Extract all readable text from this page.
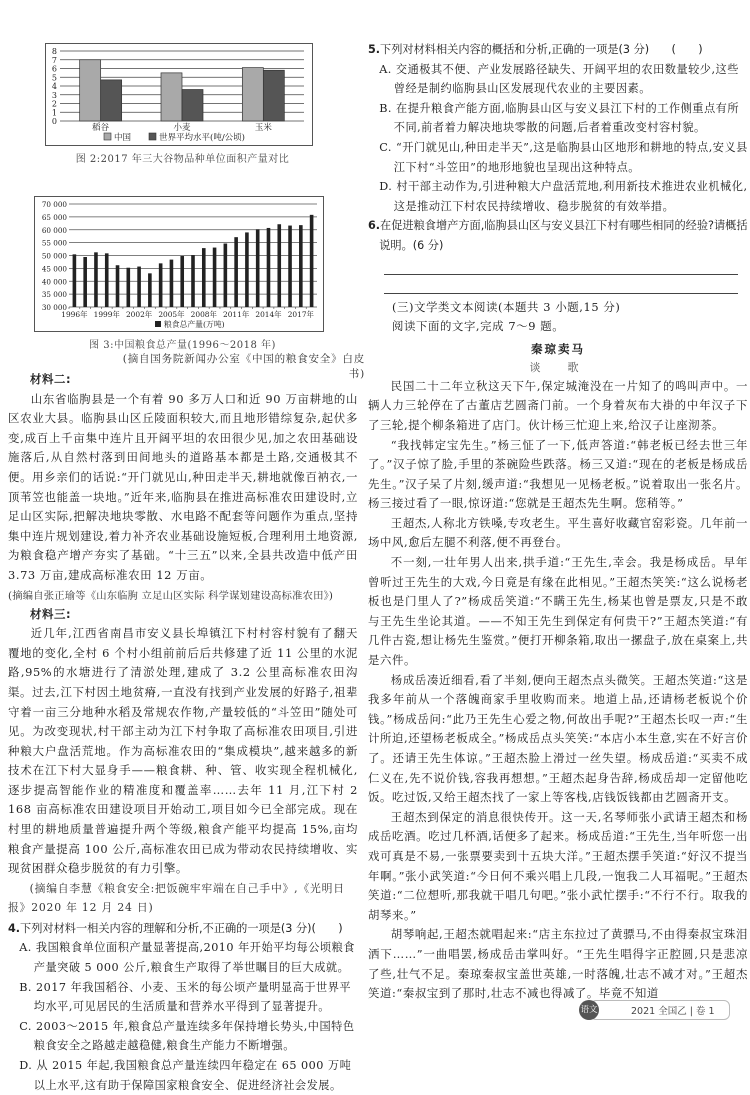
0
1
2
3
4
5
6
7
8
稻谷	小麦	玉米
中国	世界平均水平(吨/公顷)
图 2:2017 年三大谷物品种单位面积产量对比
30 000
35 000
40 000
45 000
50 000
55 000
60 000
65 000
70 000
1996年 1999年 2002年 2005年 2008年 2011年 2014年 2017年
粮食总产量(万吨)
图 3:中国粮食总产量(1996～2018 年)
(摘自国务院新闻办公室《中国的粮食安全》白皮书)

材料二:

山东省临朐县是一个有着 90 多万人口和近 90 万亩耕地的山区农业大县。临朐县山区丘陵面积较大,而且地形错综复杂,起伏多变,成百上千亩集中连片且开阔平坦的农田很少见,加之农田基础设施落后,从自然村落到田间地头的道路基本都是土路,交通极其不便。用乡亲们的话说:“开门就见山,种田走半天,耕地就像百衲衣,一顶苇笠也能盖一块地。”近年来,临朐县在推进高标准农田建设时,立足山区实际,把解决地块零散、水电路不配套等问题作为重点,坚持集中连片规划建设,着力补齐农业基础设施短板,合理利用土地资源,为粮食稳产增产夯实了基础。“十三五”以来,全县共改造中低产田 3.73 万亩,建成高标准农田 12 万亩。

(摘编自张正瑜等《山东临朐 立足山区实际 科学谋划建设高标准农田》)

材料三:

近几年,江西省南昌市安义县长埠镇江下村村容村貌有了翻天覆地的变化,全村 6 个村小组前前后后共修建了近 11 公里的水泥路,95%的水塘进行了清淤处理,建成了 3.2 公里高标准农田沟渠。过去,江下村因土地贫瘠,一直没有找到产业发展的好路子,祖辈守着一亩三分地种水稻及常规农作物,产量较低的“斗笠田”随处可见。为改变现状,村干部主动为江下村争取了高标准农田项目,引进种粮大户盘活荒地。作为高标准农田的“集成模块”,越来越多的新技术在江下村大显身手——粮食耕、种、管、收实现全程机械化,逐步提高智能作业的精准度和覆盖率……去年 11 月,江下村 2 168 亩高标准农田建设项目开始动工,项目如今已全部完成。现在村里的耕地质量普遍提升两个等级,粮食产能平均提高 15%,亩均粮食产量提高 100 公斤,高标准农田已成为带动农民持续增收、实现贫困群众稳步脱贫的有力引擎。

(摘编自李慧《粮食安全:把饭碗牢牢端在自己手中》,《光明日报》2020 年 12 月 24 日)

4.下列对材料一相关内容的理解和分析,不正确的一项是(3 分)(　　)

A. 我国粮食单位面积产量显著提高,2010 年开始平均每公顷粮食产量突破 5 000 公斤,粮食生产取得了举世瞩目的巨大成就。

B. 2017 年我国稻谷、小麦、玉米的每公顷产量明显高于世界平均水平,可见居民的生活质量和营养水平得到了显著提升。

C. 2003～2015 年,粮食总产量连续多年保持增长势头,中国特色粮食安全之路越走越稳健,粮食生产能力不断增强。

D. 从 2015 年起,我国粮食总产量连续四年稳定在 65 000 万吨以上水平,这有助于保障国家粮食安全、促进经济社会发展。

5.下列对材料相关内容的概括和分析,正确的一项是(3 分)　　(　　)

A. 交通极其不便、产业发展路径缺失、开阔平坦的农田数量较少,这些曾经是制约临朐县山区发展现代农业的主要因素。

B. 在提升粮食产能方面,临朐县山区与安义县江下村的工作侧重点有所不同,前者着力解决地块零散的问题,后者着重改变村容村貌。

C. “开门就见山,种田走半天”,这是临朐县山区地形和耕地的特点,安义县江下村“斗笠田”的地形地貌也呈现出这种特点。

D. 村干部主动作为,引进种粮大户盘活荒地,利用新技术推进农业机械化,这是推动江下村农民持续增收、稳步脱贫的有效举措。

6.在促进粮食增产方面,临朐县山区与安义县江下村有哪些相同的经验?请概括说明。(6 分)

(三)文学类文本阅读(本题共 3 小题,15 分)

阅读下面的文字,完成 7～9 题。

秦琼卖马

谈　歌

民国二十二年立秋这天下午,保定城淹没在一片知了的鸣叫声中。一辆人力三轮停在了古董店艺圆斋门前。一个身着灰布大褂的中年汉子下了三轮,提个柳条箱进了店门。伙计杨三忙迎上来,给汉子让座沏茶。

“我找韩定宝先生。”杨三怔了一下,低声答道:“韩老板已经去世三年了。”汉子惊了脸,手里的茶碗险些跌落。杨三又道:“现在的老板是杨成岳先生。”汉子呆了片刻,缓声道:“我想见一见杨老板。”说着取出一张名片。杨三接过看了一眼,惊讶道:“您就是王超杰先生啊。您稍等。”

王超杰,人称北方铁嗓,专攻老生。平生喜好收藏官窑彩瓷。几年前一场中风,愈后左腿不利落,便不再登台。

不一刻,一壮年男人出来,拱手道:“王先生,幸会。我是杨成岳。早年曾听过王先生的大戏,今日竟是有缘在此相见。”王超杰笑笑:“这么说杨老板也是门里人了?”杨成岳笑道:“不瞒王先生,杨某也曾是票友,只是不敢与王先生坐论其道。——不知王先生到保定有何贵干?”王超杰笑道:“有几件古瓷,想让杨先生鉴赏。”便打开柳条箱,取出一摞盘子,放在桌案上,共是六件。

杨成岳凑近细看,看了半刻,便向王超杰点头微笑。王超杰笑道:“这是我多年前从一个落魄商家手里收购而来。地道上品,还请杨老板说个价钱。”杨成岳问:“此乃王先生心爱之物,何故出手呢?”王超杰长叹一声:“生计所迫,还望杨老板成全。”杨成岳点头笑笑:“本店小本生意,实在不好言价了。还请王先生体谅。”王超杰脸上滑过一丝失望。杨成岳道:“买卖不成仁义在,先不说价钱,容我再想想。”王超杰起身告辞,杨成岳却一定留他吃饭。吃过饭,又给王超杰找了一家上等客栈,店钱饭钱都由艺圆斋开支。

王超杰到保定的消息很快传开。这一天,名琴师张小武请王超杰和杨成岳吃酒。吃过几杯酒,话便多了起来。杨成岳道:“王先生,当年听您一出戏可真是不易,一张票要卖到十五块大洋。”王超杰摆手笑道:“好汉不提当年啊。”张小武笑道:“今日何不乘兴唱上几段,一饱我二人耳福呢。”王超杰笑道:“二位想听,那我就干唱几句吧。”张小武忙摆手:“不行不行。取我的胡琴来。”

胡琴响起,王超杰就唱起来:“店主东拉过了黄骠马,不由得秦叔宝珠泪洒下……”一曲唱罢,杨成岳击掌叫好。“王先生唱得字正腔圆,只是悲凉了些,壮气不足。秦琼秦叔宝盖世英雄,一时落魄,壮志不减才对。”王超杰笑道:“秦叔宝到了那时,壮志不减也得减了。毕竟不知道

语文	2021 全国乙 | 卷 1
